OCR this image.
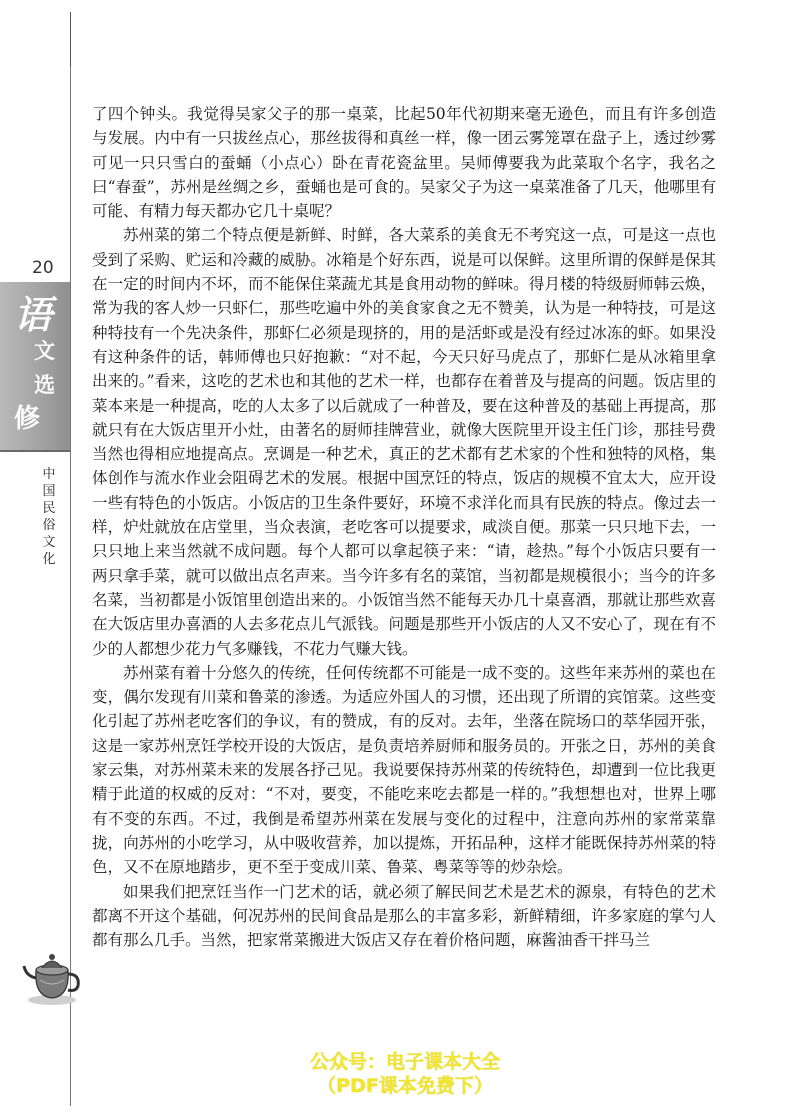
20
语
文
选
修
中
国
民
俗
文
化

了四个钟头。我觉得吴家父子的那一桌菜，比起50年代初期来毫无逊色，而且有许多创造与发展。内中有一只拔丝点心，那丝拔得和真丝一样，像一团云雾笼罩在盘子上，透过纱雾可见一只只雪白的蚕蛹（小点心）卧在青花瓷盆里。吴师傅要我为此菜取个名字，我名之曰“春蚕”，苏州是丝绸之乡，蚕蛹也是可食的。吴家父子为这一桌菜准备了几天，他哪里有可能、有精力每天都办它几十桌呢？

苏州菜的第二个特点便是新鲜、时鲜，各大菜系的美食无不考究这一点，可是这一点也受到了采购、贮运和冷藏的威胁。冰箱是个好东西，说是可以保鲜。这里所谓的保鲜是保其在一定的时间内不坏，而不能保住菜蔬尤其是食用动物的鲜味。得月楼的特级厨师韩云焕，常为我的客人炒一只虾仁，那些吃遍中外的美食家食之无不赞美，认为是一种特技，可是这种特技有一个先决条件，那虾仁必须是现挤的，用的是活虾或是没有经过冰冻的虾。如果没有这种条件的话，韩师傅也只好抱歉：“对不起，今天只好马虎点了，那虾仁是从冰箱里拿出来的。”看来，这吃的艺术也和其他的艺术一样，也都存在着普及与提高的问题。饭店里的菜本来是一种提高，吃的人太多了以后就成了一种普及，要在这种普及的基础上再提高，那就只有在大饭店里开小灶，由著名的厨师挂牌营业，就像大医院里开设主任门诊，那挂号费当然也得相应地提高点。烹调是一种艺术，真正的艺术都有艺术家的个性和独特的风格，集体创作与流水作业会阻碍艺术的发展。根据中国烹饪的特点，饭店的规模不宜太大，应开设一些有特色的小饭店。小饭店的卫生条件要好，环境不求洋化而具有民族的特点。像过去一样，炉灶就放在店堂里，当众表演，老吃客可以提要求，咸淡自便。那菜一只只地下去，一只只地上来当然就不成问题。每个人都可以拿起筷子来：“请，趁热。”每个小饭店只要有一两只拿手菜，就可以做出点名声来。当今许多有名的菜馆，当初都是规模很小；当今的许多名菜，当初都是小饭馆里创造出来的。小饭馆当然不能每天办几十桌喜酒，那就让那些欢喜在大饭店里办喜酒的人去多花点儿气派钱。问题是那些开小饭店的人又不安心了，现在有不少的人都想少花力气多赚钱，不花力气赚大钱。

苏州菜有着十分悠久的传统，任何传统都不可能是一成不变的。这些年来苏州的菜也在变，偶尔发现有川菜和鲁菜的渗透。为适应外国人的习惯，还出现了所谓的宾馆菜。这些变化引起了苏州老吃客们的争议，有的赞成，有的反对。去年，坐落在院场口的萃华园开张，这是一家苏州烹饪学校开设的大饭店，是负责培养厨师和服务员的。开张之日，苏州的美食家云集，对苏州菜未来的发展各抒己见。我说要保持苏州菜的传统特色，却遭到一位比我更精于此道的权威的反对：“不对，要变，不能吃来吃去都是一样的。”我想想也对，世界上哪有不变的东西。不过，我倒是希望苏州菜在发展与变化的过程中，注意向苏州的家常菜靠拢，向苏州的小吃学习，从中吸收营养，加以提炼，开拓品种，这样才能既保持苏州菜的特色，又不在原地踏步，更不至于变成川菜、鲁菜、粤菜等等的炒杂烩。

如果我们把烹饪当作一门艺术的话，就必须了解民间艺术是艺术的源泉，有特色的艺术都离不开这个基础，何况苏州的民间食品是那么的丰富多彩，新鲜精细，许多家庭的掌勺人都有那么几手。当然，把家常菜搬进大饭店又存在着价格问题，麻酱油香干拌马兰

公众号：电子课本大全
（PDF课本免费下）
